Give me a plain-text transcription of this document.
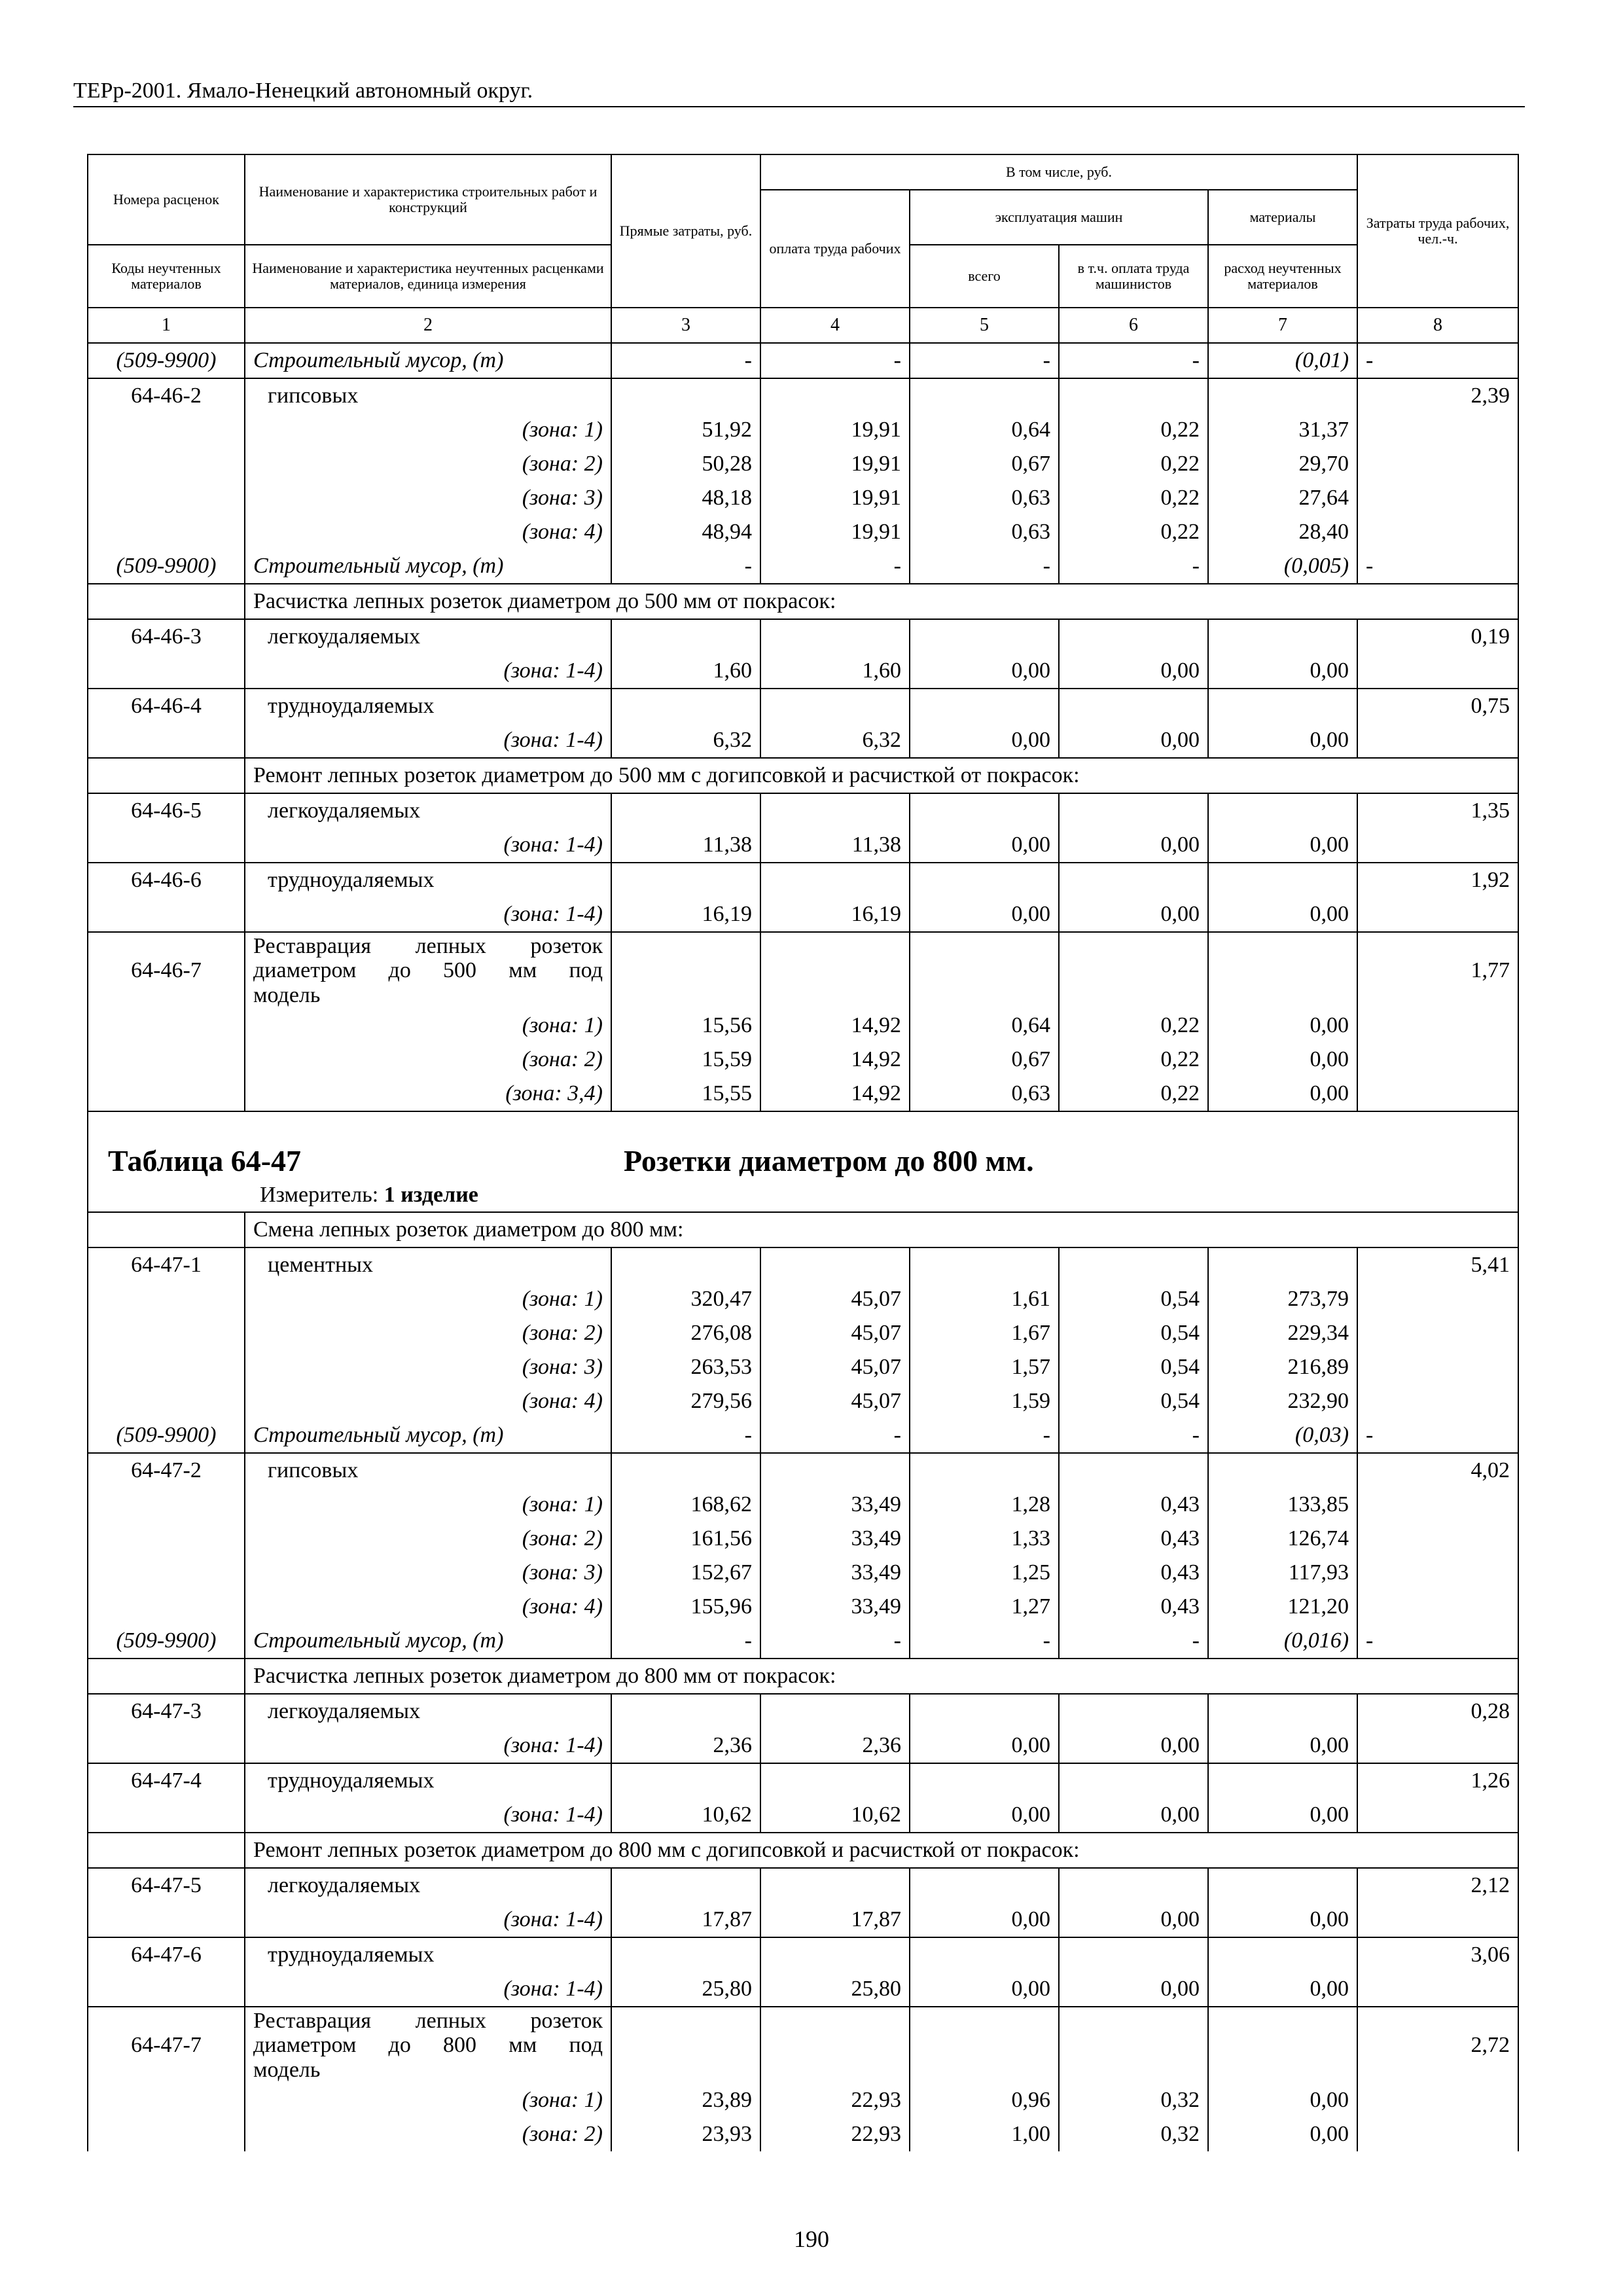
ТЕРр-2001. Ямало-Ненецкий автономный округ.
Номера расценок	Наименование и характеристика строительных работ и конструкций	Прямые затраты, руб.	В том числе, руб.				Затраты труда рабочих, чел.-ч.
			оплата труда рабочих	эксплуатация машин		материалы	
Коды неучтенных материалов	Наименование и характеристика неучтенных расценками материалов, единица измерения			всего	в т.ч. оплата труда машинистов	расход неучтенных материалов	
1	2	3	4	5	6	7	8
(509-9900)	Строительный мусор, (т)	-	-	-	-	(0,01)	-
64-46-2	гипсовых						2,39
	(зона: 1)	51,92	19,91	0,64	0,22	31,37	
	(зона: 2)	50,28	19,91	0,67	0,22	29,70	
	(зона: 3)	48,18	19,91	0,63	0,22	27,64	
	(зона: 4)	48,94	19,91	0,63	0,22	28,40	
(509-9900)	Строительный мусор, (т)	-	-	-	-	(0,005)	-
	Расчистка лепных розеток диаметром до 500 мм от покрасок:						
64-46-3	легкоудаляемых						0,19
	(зона: 1-4)	1,60	1,60	0,00	0,00	0,00	
64-46-4	трудноудаляемых						0,75
	(зона: 1-4)	6,32	6,32	0,00	0,00	0,00	
	Ремонт лепных розеток диаметром до 500 мм с догипсовкой и расчисткой от покрасок:						
64-46-5	легкоудаляемых						1,35
	(зона: 1-4)	11,38	11,38	0,00	0,00	0,00	
64-46-6	трудноудаляемых						1,92
	(зона: 1-4)	16,19	16,19	0,00	0,00	0,00	
64-46-7	Реставрация лепных розеток
диаметром до 500 мм под
модель						1,77
	(зона: 1)	15,56	14,92	0,64	0,22	0,00	
	(зона: 2)	15,59	14,92	0,67	0,22	0,00	
	(зона: 3,4)	15,55	14,92	0,63	0,22	0,00	

Таблица 64-47 Розетки диаметром до 800 мм.
Измеритель: 1 изделие							

	Смена лепных розеток диаметром до 800 мм:						
64-47-1	цементных						5,41
	(зона: 1)	320,47	45,07	1,61	0,54	273,79	
	(зона: 2)	276,08	45,07	1,67	0,54	229,34	
	(зона: 3)	263,53	45,07	1,57	0,54	216,89	
	(зона: 4)	279,56	45,07	1,59	0,54	232,90	
(509-9900)	Строительный мусор, (т)	-	-	-	-	(0,03)	-
64-47-2	гипсовых						4,02
	(зона: 1)	168,62	33,49	1,28	0,43	133,85	
	(зона: 2)	161,56	33,49	1,33	0,43	126,74	
	(зона: 3)	152,67	33,49	1,25	0,43	117,93	
	(зона: 4)	155,96	33,49	1,27	0,43	121,20	
(509-9900)	Строительный мусор, (т)	-	-	-	-	(0,016)	-
	Расчистка лепных розеток диаметром до 800 мм от покрасок:						
64-47-3	легкоудаляемых						0,28
	(зона: 1-4)	2,36	2,36	0,00	0,00	0,00	
64-47-4	трудноудаляемых						1,26
	(зона: 1-4)	10,62	10,62	0,00	0,00	0,00	
	Ремонт лепных розеток диаметром до 800 мм с догипсовкой и расчисткой от покрасок:						
64-47-5	легкоудаляемых						2,12
	(зона: 1-4)	17,87	17,87	0,00	0,00	0,00	
64-47-6	трудноудаляемых						3,06
	(зона: 1-4)	25,80	25,80	0,00	0,00	0,00	
64-47-7	Реставрация лепных розеток
диаметром до 800 мм под
модель						2,72
	(зона: 1)	23,89	22,93	0,96	0,32	0,00	
	(зона: 2)	23,93	22,93	1,00	0,32	0,00	
190
